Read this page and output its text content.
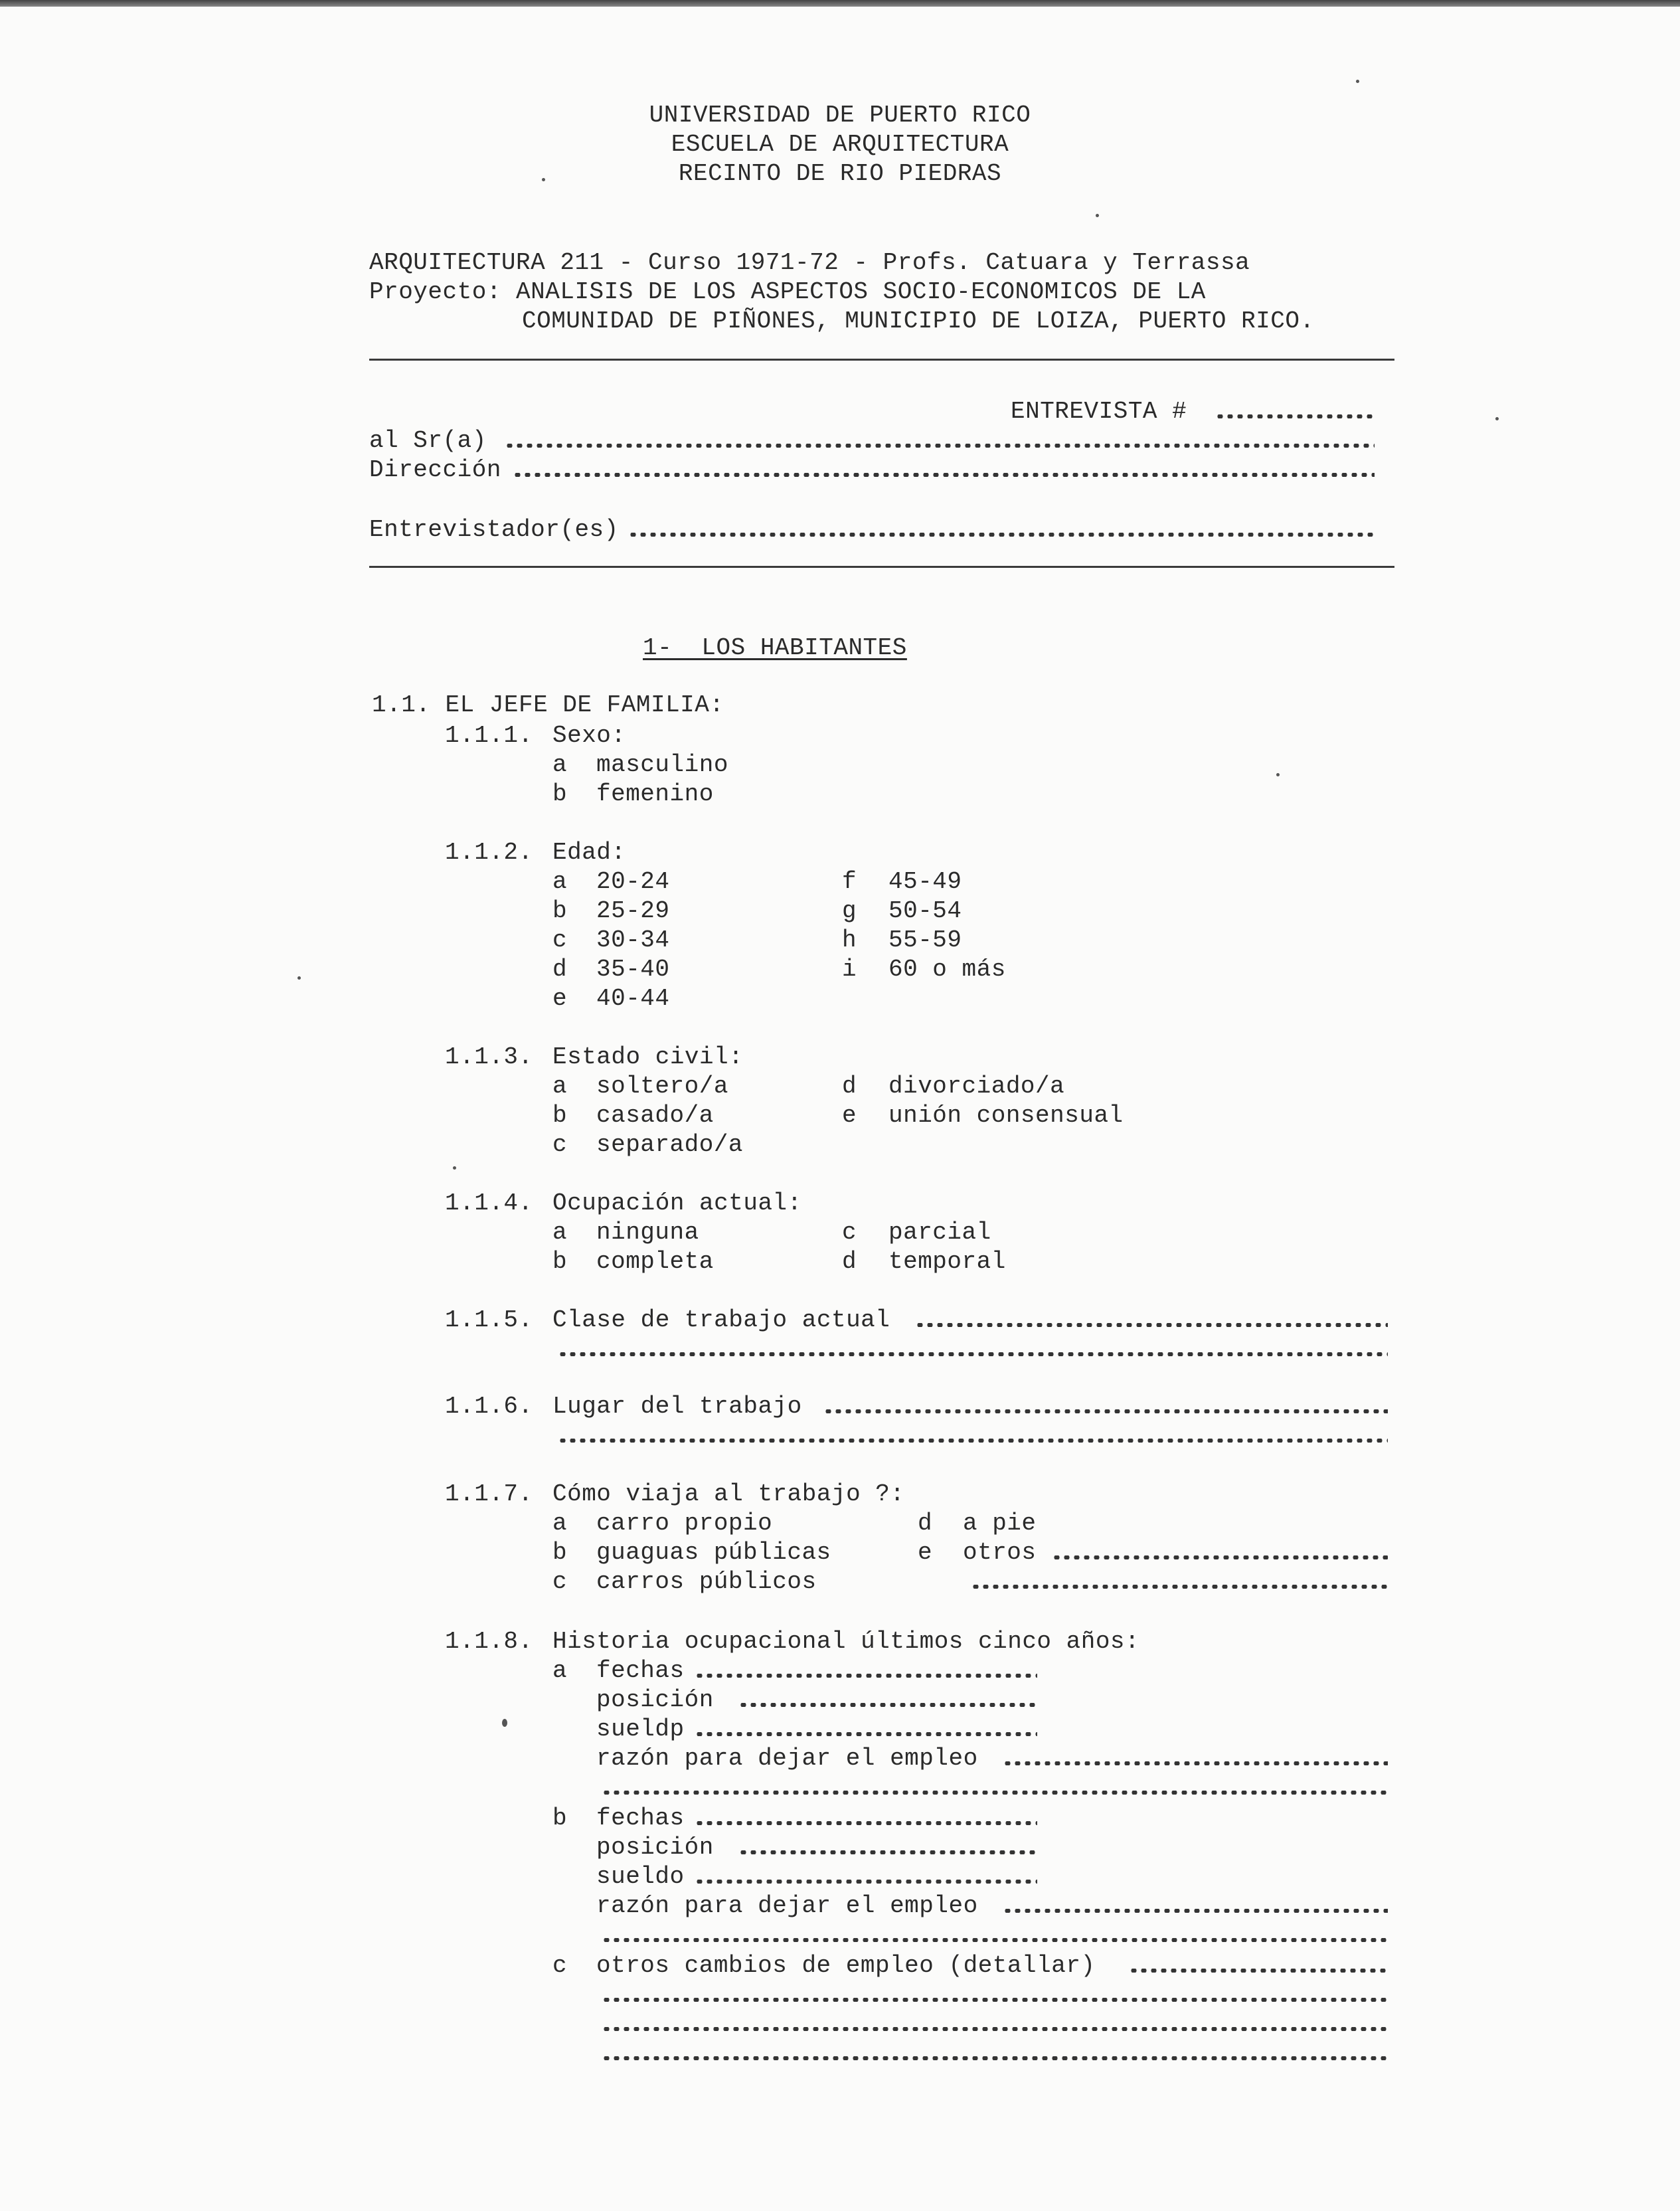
UNIVERSIDAD DE PUERTO RICO
ESCUELA DE ARQUITECTURA
RECINTO DE RIO PIEDRAS
ARQUITECTURA 211 - Curso 1971-72 - Profs. Catuara y Terrassa
Proyecto: ANALISIS DE LOS ASPECTOS SOCIO-ECONOMICOS DE LA
COMUNIDAD DE PIÑONES, MUNICIPIO DE LOIZA, PUERTO RICO.
ENTREVISTA #
al Sr(a)
Dirección
Entrevistador(es)
1-  LOS HABITANTES
1.1. EL JEFE DE FAMILIA:
1.1.1. Sexo:
a masculino
b femenino
1.1.2. Edad:
a 20-24
b 25-29
c 30-34
d 35-40
e 40-44
f 45-49
g 50-54
h 55-59
i 60 o más
1.1.3. Estado civil:
a soltero/a
b casado/a
c separado/a
d divorciado/a
e unión consensual
1.1.4. Ocupación actual:
a ninguna
b completa
c parcial
d temporal
1.1.5. Clase de trabajo actual
1.1.6. Lugar del trabajo
1.1.7. Cómo viaja al trabajo ?:
a carro propio
b guaguas públicas
c carros públicos
d a pie
e otros
1.1.8. Historia ocupacional últimos cinco años:
a fechas
posición
sueldp
razón para dejar el empleo
b fechas
posición
sueldo
razón para dejar el empleo
c otros cambios de empleo (detallar)
